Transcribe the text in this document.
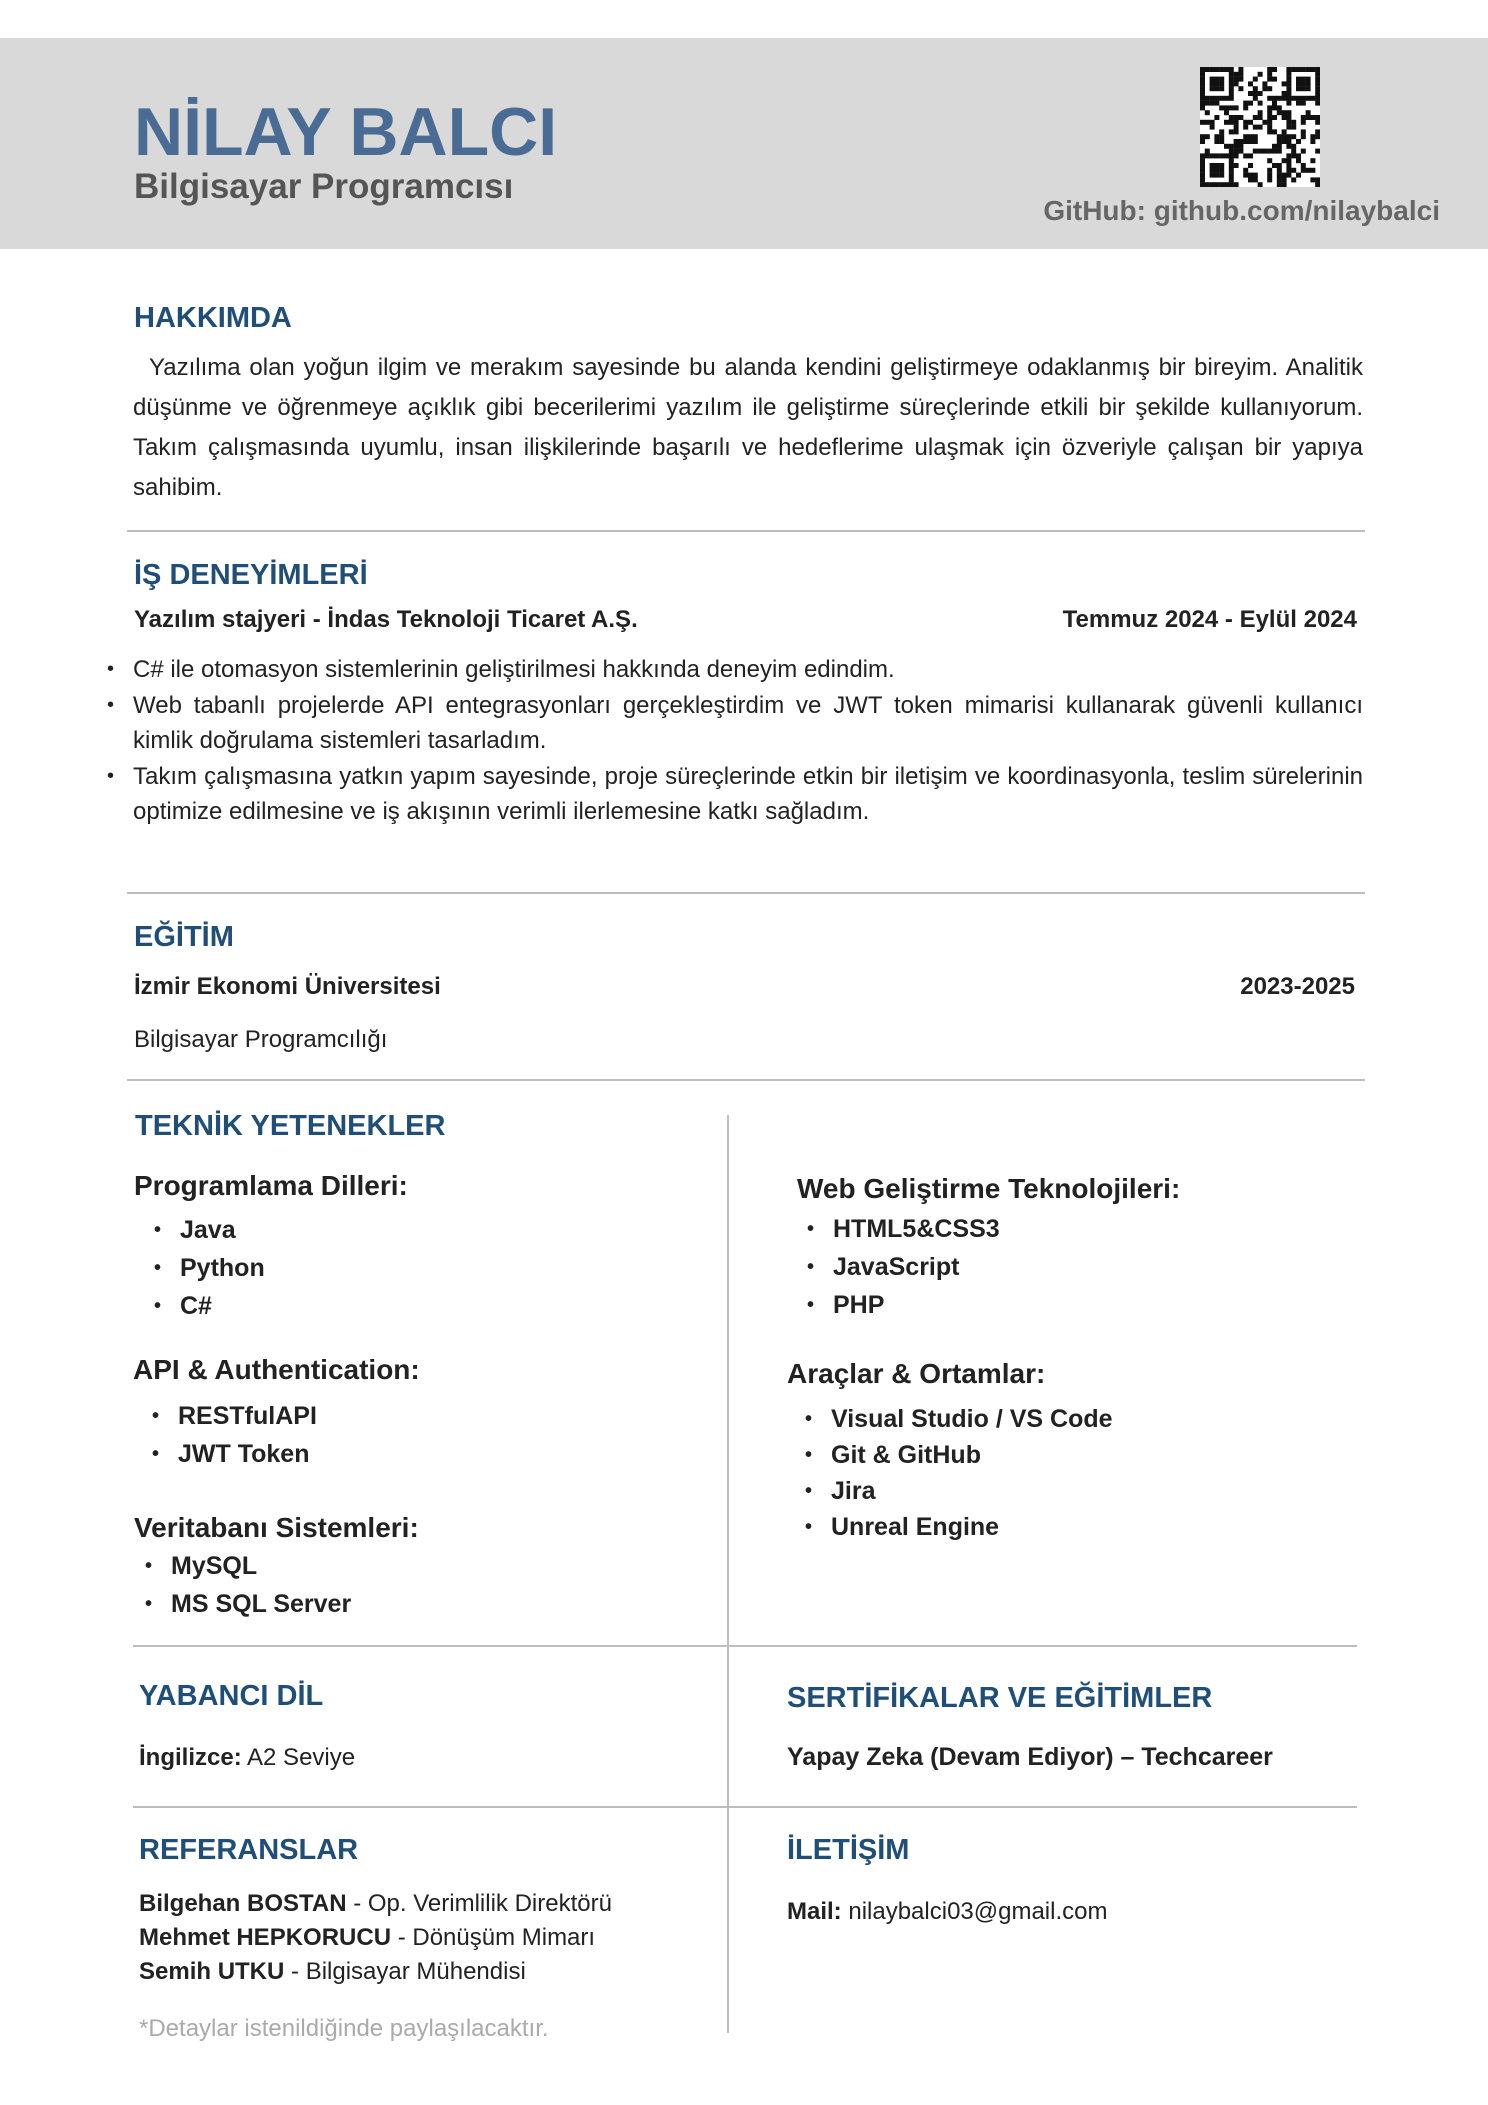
NİLAY BALCI
Bilgisayar Programcısı
GitHub: github.com/nilaybalci
HAKKIMDA
Yazılıma olan yoğun ilgim ve merakım sayesinde bu alanda kendini geliştirmeye odaklanmış bir bireyim. Analitik düşünme ve öğrenmeye açıklık gibi becerilerimi yazılım ile geliştirme süreçlerinde etkili bir şekilde kullanıyorum. Takım çalışmasında uyumlu, insan ilişkilerinde başarılı ve hedeflerime ulaşmak için özveriyle çalışan bir yapıya sahibim.
İŞ DENEYİMLERİ
Yazılım stajyeri - İndas Teknoloji Ticaret A.Ş.	Temmuz 2024 - Eylül 2024
• C# ile otomasyon sistemlerinin geliştirilmesi hakkında deneyim edindim.
• Web tabanlı projelerde API entegrasyonları gerçekleştirdim ve JWT token mimarisi kullanarak güvenli kullanıcı kimlik doğrulama sistemleri tasarladım.
• Takım çalışmasına yatkın yapım sayesinde, proje süreçlerinde etkin bir iletişim ve koordinasyonla, teslim sürelerinin optimize edilmesine ve iş akışının verimli ilerlemesine katkı sağladım.
EĞİTİM
İzmir Ekonomi Üniversitesi	2023-2025
Bilgisayar Programcılığı
TEKNİK YETENEKLER
Programlama Dilleri:
• Java
• Python
• C#
API & Authentication:
• RESTfulAPI
• JWT Token
Veritabanı Sistemleri:
• MySQL
• MS SQL Server
Web Geliştirme Teknolojileri:
• HTML5&CSS3
• JavaScript
• PHP
Araçlar & Ortamlar:
• Visual Studio / VS Code
• Git & GitHub
• Jira
• Unreal Engine
YABANCI DİL
İngilizce: A2 Seviye
SERTİFİKALAR VE EĞİTİMLER
Yapay Zeka (Devam Ediyor) – Techcareer
REFERANSLAR
Bilgehan BOSTAN - Op. Verimlilik Direktörü
Mehmet HEPKORUCU - Dönüşüm Mimarı
Semih UTKU - Bilgisayar Mühendisi
*Detaylar istenildiğinde paylaşılacaktır.
İLETİŞİM
Mail: nilaybalci03@gmail.com
